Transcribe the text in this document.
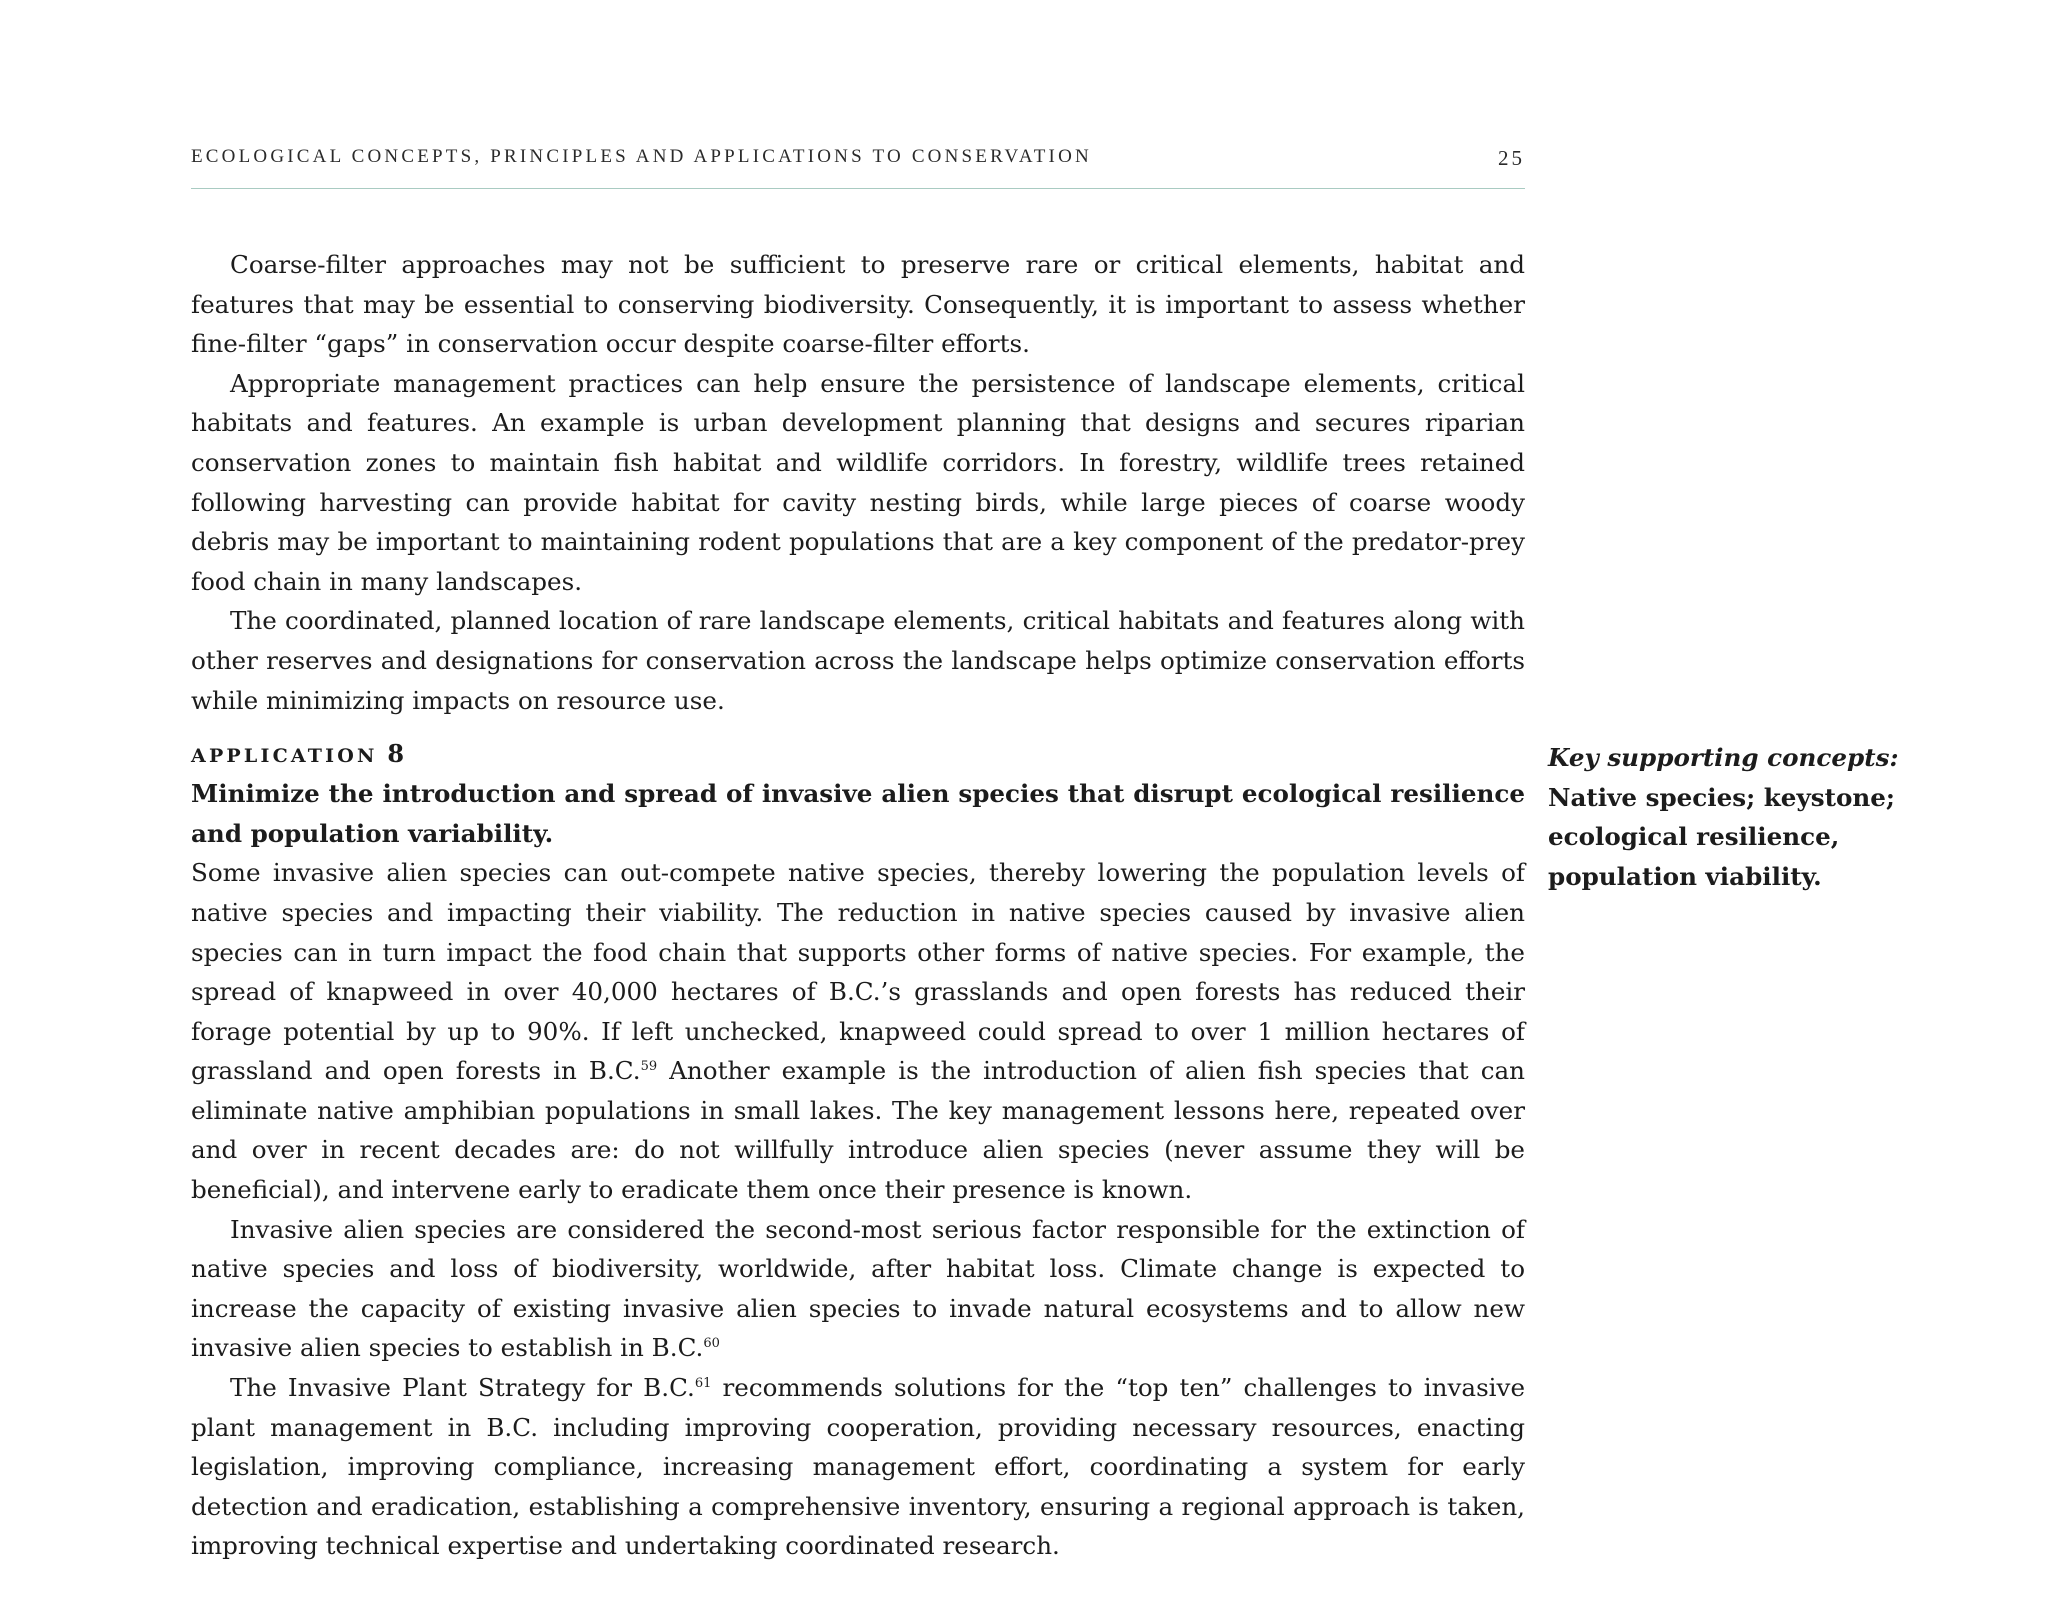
ECOLOGICAL CONCEPTS, PRINCIPLES AND APPLICATIONS TO CONSERVATION	25

Coarse-filter approaches may not be sufficient to preserve rare or critical elements, habitat and features that may be essential to conserving biodiversity. Consequently, it is important to assess whether fine-filter “gaps” in conservation occur despite coarse-filter efforts.

Appropriate management practices can help ensure the persistence of landscape elements, critical habitats and features. An example is urban development planning that designs and secures riparian conservation zones to maintain fish habitat and wildlife corridors. In forestry, wildlife trees retained following harvesting can provide habitat for cavity nesting birds, while large pieces of coarse woody debris may be important to maintaining rodent populations that are a key component of the predator-prey food chain in many landscapes.

The coordinated, planned location of rare landscape elements, critical habitats and features along with other reserves and designations for conservation across the landscape helps optimize conservation efforts while minimizing impacts on resource use.

APPLICATION 8

Minimize the introduction and spread of invasive alien species that disrupt ecological resilience and population variability.

Some invasive alien species can out-compete native species, thereby lowering the population levels of native species and impacting their viability. The reduction in native species caused by invasive alien species can in turn impact the food chain that supports other forms of native species. For example, the spread of knapweed in over 40,000 hectares of B.C.’s grasslands and open forests has reduced their forage potential by up to 90%. If left unchecked, knapweed could spread to over 1 million hectares of grassland and open forests in B.C.$^{59}$ Another example is the introduction of alien fish species that can eliminate native amphibian populations in small lakes. The key management lessons here, repeated over and over in recent decades are: do not willfully introduce alien species (never assume they will be beneficial), and intervene early to eradicate them once their presence is known.

Invasive alien species are considered the second-most serious factor responsible for the extinction of native species and loss of biodiversity, worldwide, after habitat loss. Climate change is expected to increase the capacity of existing invasive alien species to invade natural ecosystems and to allow new invasive alien species to establish in B.C.$^{60}$

The Invasive Plant Strategy for B.C.$^{61}$ recommends solutions for the “top ten” challenges to invasive plant management in B.C. including improving cooperation, providing necessary resources, enacting legislation, improving compliance, increasing management effort, coordinating a system for early detection and eradication, establishing a comprehensive inventory, ensuring a regional approach is taken, improving technical expertise and undertaking coordinated research.

Key supporting concepts:
Native species; keystone;
ecological resilience,
population viability.
